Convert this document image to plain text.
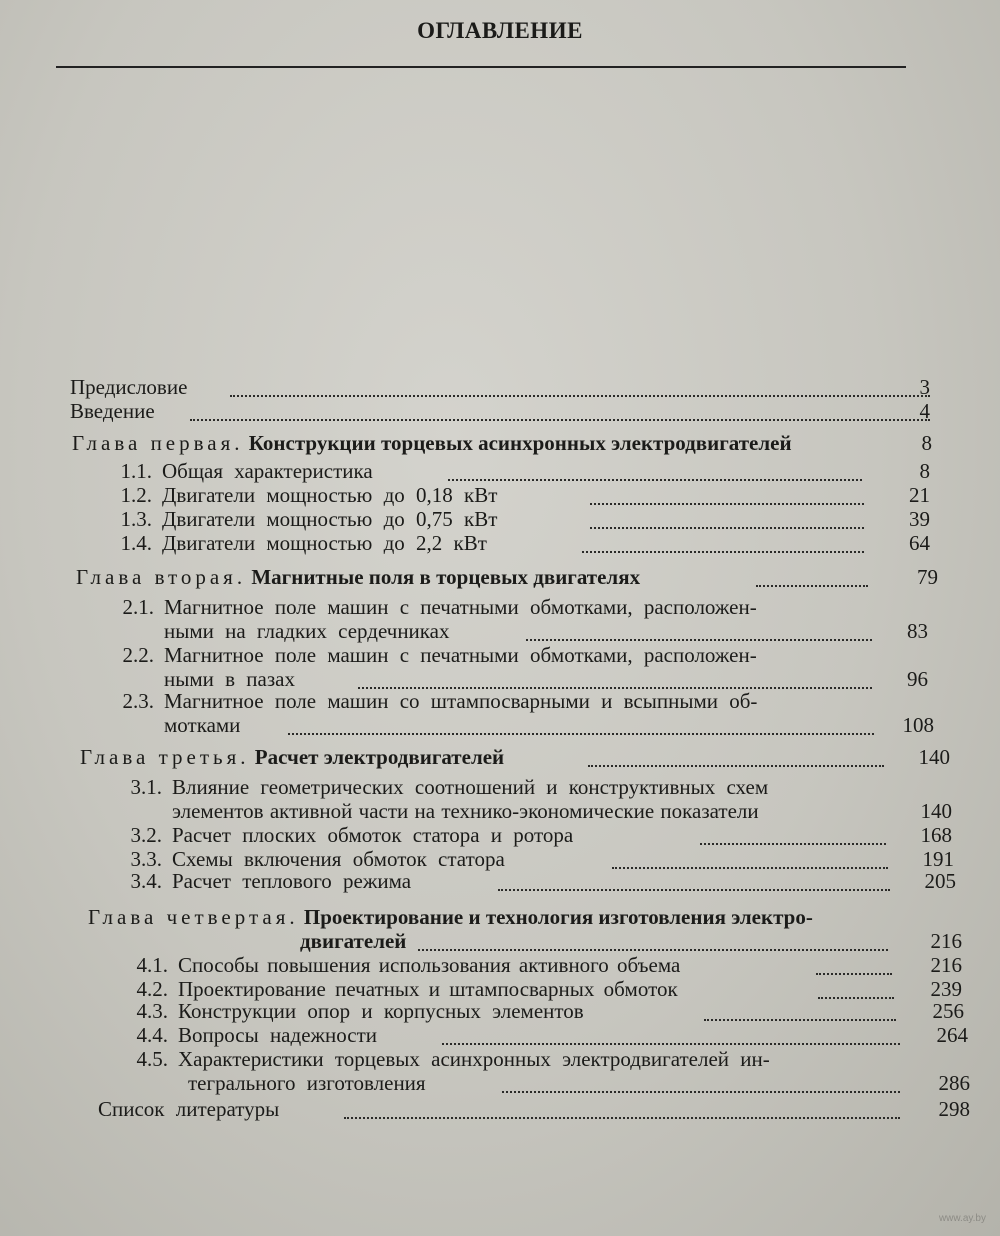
ОГЛАВЛЕНИЕ
Предисловие	3
Введение	4
Глава первая. Конструкции торцевых асинхронных электродвигателей	8
1.1. Общая характеристика	8
1.2. Двигатели мощностью до 0,18 кВт	21
1.3. Двигатели мощностью до 0,75 кВт	39
1.4. Двигатели мощностью до 2,2 кВт	64
Глава вторая. Магнитные поля в торцевых двигателях	79
2.1. Магнитное поле машин с печатными обмотками, расположен-
ными на гладких сердечниках	83
2.2. Магнитное поле машин с печатными обмотками, расположен-
ными в пазах	96
2.3. Магнитное поле машин со штампосварными и всыпными об-
мотками	108
Глава третья. Расчет электродвигателей	140
3.1. Влияние геометрических соотношений и конструктивных схем
элементов активной части на технико-экономические показатели	140
3.2. Расчет плоских обмоток статора и ротора	168
3.3. Схемы включения обмоток статора	191
3.4. Расчет теплового режима	205
Глава четвертая. Проектирование и технология изготовления электро-
двигателей	216
4.1. Способы повышения использования активного объема	216
4.2. Проектирование печатных и штампосварных обмоток	239
4.3. Конструкции опор и корпусных элементов	256
4.4. Вопросы надежности	264
4.5. Характеристики торцевых асинхронных электродвигателей ин-
тегрального изготовления	286
Список литературы	298
www.ay.by
